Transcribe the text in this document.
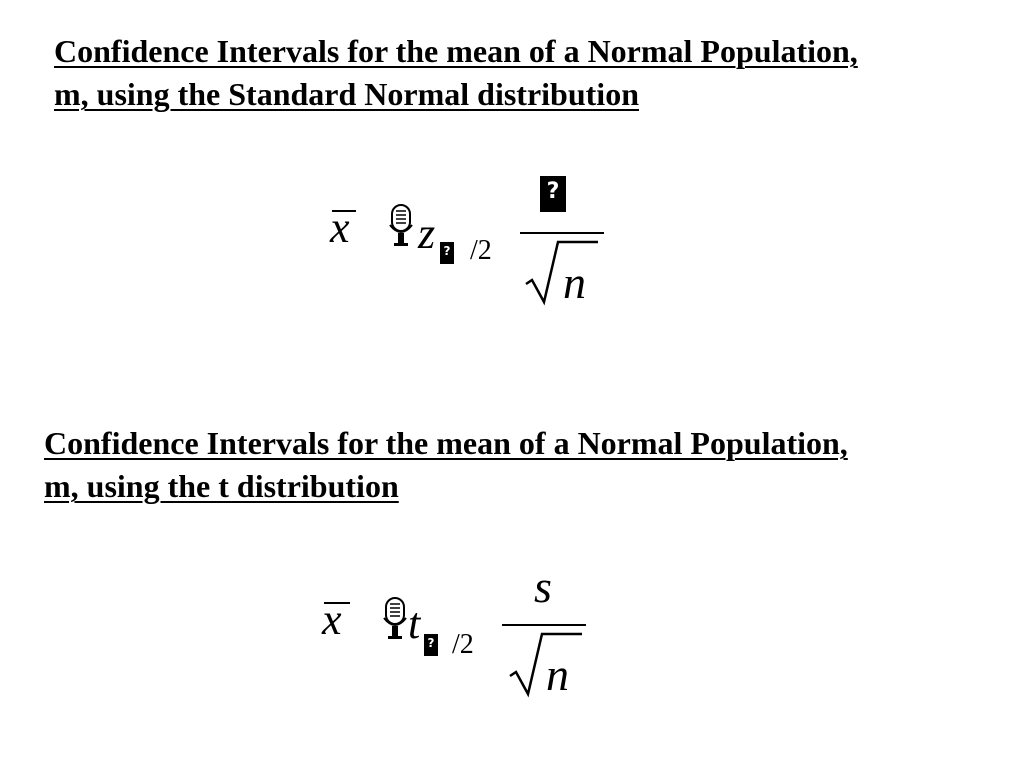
Confidence Intervals for the mean of a Normal Population, m, using the Standard Normal distribution
x z ? /2
?
n
Confidence Intervals for the mean of a Normal Population, m, using the t distribution
x t ? /2
s
n
